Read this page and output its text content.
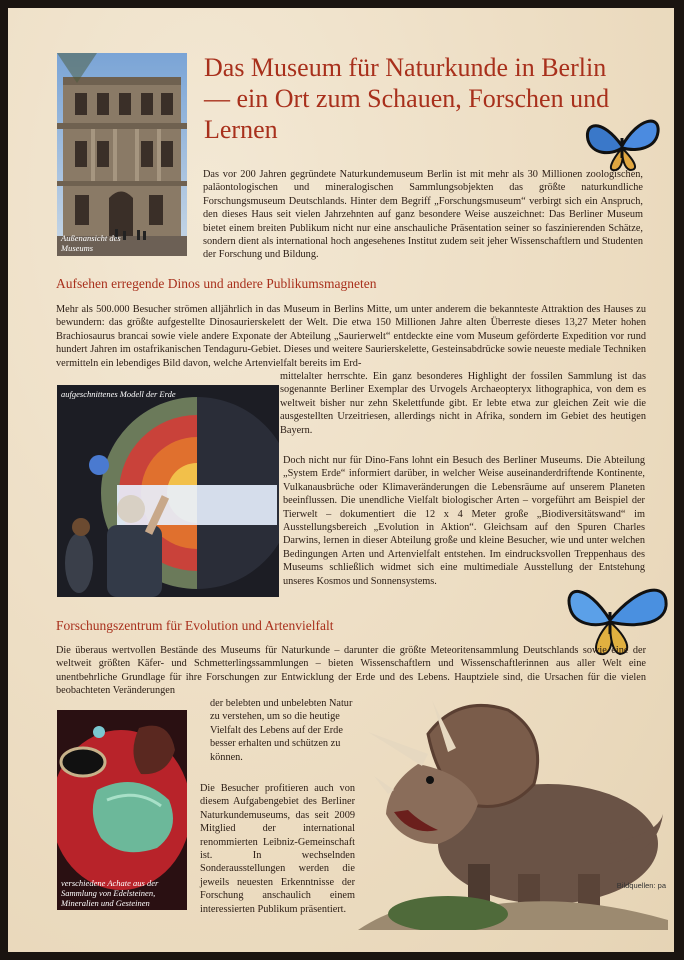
Außenansicht des Museums
Das Museum für Naturkunde in Berlin — ein Ort zum Schauen, Forschen und Lernen

Das vor 200 Jahren gegründete Naturkundemuseum Berlin ist mit mehr als 30 Millionen zoologischen, paläontologischen und mineralogischen Sammlungsobjekten das größte naturkundliche Forschungsmuseum Deutschlands. Hinter dem Begriff „Forschungsmuseum“ verbirgt sich ein Anspruch, den dieses Haus seit vielen Jahrzehnten auf ganz besondere Weise auszeichnet: Das Berliner Museum bietet einem breiten Publikum nicht nur eine anschauliche Präsentation seiner so faszinierenden Schätze, sondern dient als international hoch angesehenes Institut zudem seit jeher Wissenschaftlern und Studenten der Forschung und Bildung.

Aufsehen erregende Dinos und andere Publikumsmagneten

Mehr als 500.000 Besucher strömen alljährlich in das Museum in Berlins Mitte, um unter anderem die bekannteste Attraktion des Hauses zu bewundern: das größte aufgestellte Dinosaurierskelett der Welt. Die etwa 150 Millionen Jahre alten Überreste dieses 13,27 Meter hohen Brachiosaurus brancai sowie viele andere Exponate der Abteilung „Saurierwelt“ entdeckte eine vom Museum geförderte Expedition vor rund hundert Jahren im ostafrikanischen Tendaguru-Gebiet. Dieses und weitere Saurierskelette, Gesteinsabdrücke sowie neueste mediale Techniken vermitteln ein lebendiges Bild davon, welche Artenvielfalt bereits im Erd-

mittelalter herrschte. Ein ganz besonderes Highlight der fossilen Sammlung ist das sogenannte Berliner Exemplar des Urvogels Archaeopteryx lithographica, von dem es weltweit bisher nur zehn Skelettfunde gibt. Er lebte etwa zur gleichen Zeit wie die ausgestellten Urzeitriesen, allerdings nicht in Afrika, sondern im Gebiet des heutigen Bayern.

aufgeschnittenes Modell der Erde

Doch nicht nur für Dino-Fans lohnt ein Besuch des Berliner Museums. Die Abteilung „System Erde“ informiert darüber, in welcher Weise auseinanderdriftende Kontinente, Vulkanausbrüche oder Klimaveränderungen die Lebensräume auf unserem Planeten beeinflussen. Die unendliche Vielfalt biologischer Arten – vorgeführt am Beispiel der Tierwelt – dokumentiert die 12 x 4 Meter große „Biodiversitätswand“ im Ausstellungsbereich „Evolution in Aktion“. Gleichsam auf den Spuren Charles Darwins, lernen in dieser Abteilung große und kleine Besucher, wie und unter welchen Bedingungen Arten und Artenvielfalt entstehen. Im eindrucksvollen Treppenhaus des Museums schließlich widmet sich eine multimediale Ausstellung der Entstehung unseres Kosmos und Sonnensystems.

Forschungszentrum für Evolution und Artenvielfalt

Die überaus wertvollen Bestände des Museums für Naturkunde – darunter die größte Meteoritensammlung Deutschlands sowie eine der weltweit größten Käfer- und Schmetterlingssammlungen – bieten Wissenschaftlern und Wissenschaftlerinnen aus aller Welt eine unentbehrliche Grundlage für ihre Forschungen zur Entwicklung der Erde und des Lebens. Hauptziele sind, die Ursachen für die vielen beobachteten Veränderungen

verschiedene Achate aus der Sammlung von Edelsteinen, Mineralien und Gesteinen

der belebten und unbelebten Natur zu verstehen, um so die heutige Vielfalt des Lebens auf der Erde besser erhalten und schützen zu können.

Die Besucher profitieren auch von diesem Aufgabengebiet des Berliner Naturkundemuseums, das seit 2009 Mitglied der international renommierten Leibniz-Gemeinschaft ist. In wechselnden Sonderausstellungen werden die jeweils neuesten Erkenntnisse der Forschung anschaulich einem interessierten Publikum präsentiert.

Bildquellen: pa
